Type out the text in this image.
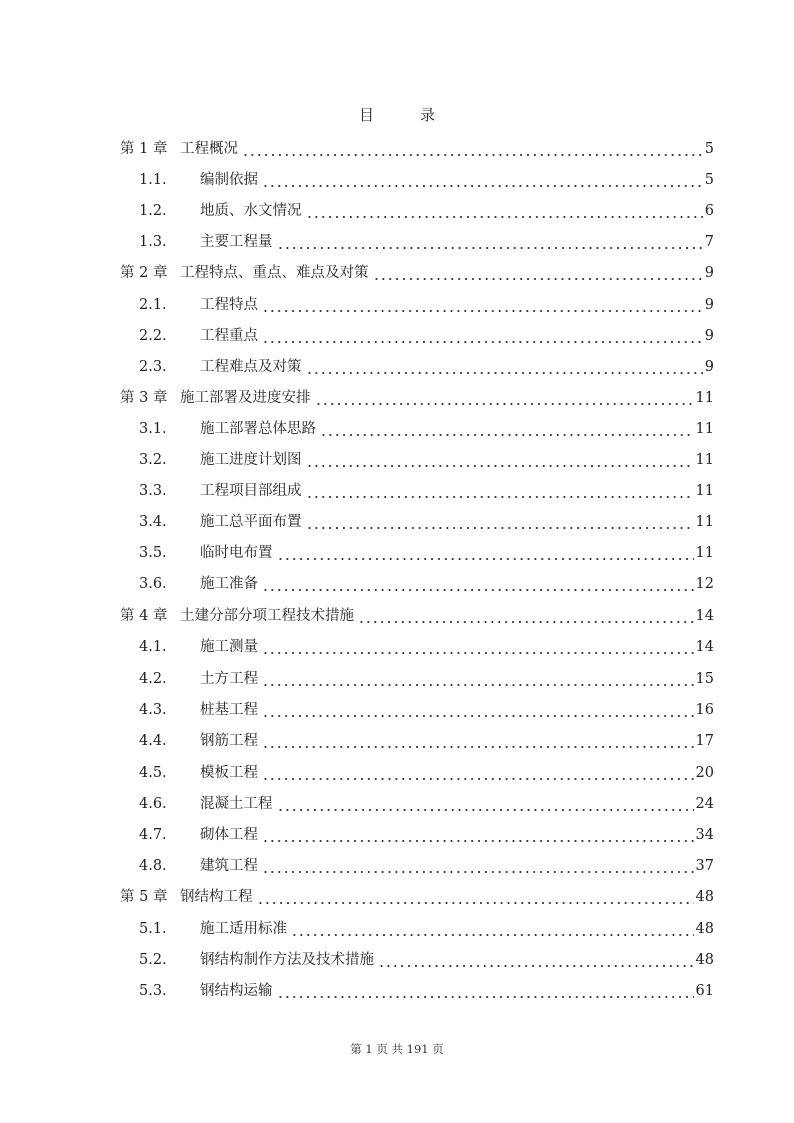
目	录
第 1 章 工程概况	5
1.1.	编制依据	5
1.2.	地质、水文情况	6
1.3.	主要工程量	7
第 2 章 工程特点、重点、难点及对策	9
2.1.	工程特点	9
2.2.	工程重点	9
2.3.	工程难点及对策	9
第 3 章 施工部署及进度安排	11
3.1.	施工部署总体思路	11
3.2.	施工进度计划图	11
3.3.	工程项目部组成	11
3.4.	施工总平面布置	11
3.5.	临时电布置	11
3.6.	施工准备	12
第 4 章 土建分部分项工程技术措施	14
4.1.	施工测量	14
4.2.	土方工程	15
4.3.	桩基工程	16
4.4.	钢筋工程	17
4.5.	模板工程	20
4.6.	混凝土工程	24
4.7.	砌体工程	34
4.8.	建筑工程	37
第 5 章 钢结构工程	48
5.1.	施工适用标准	48
5.2.	钢结构制作方法及技术措施	48
5.3.	钢结构运输	61
第 1 页 共 191 页
